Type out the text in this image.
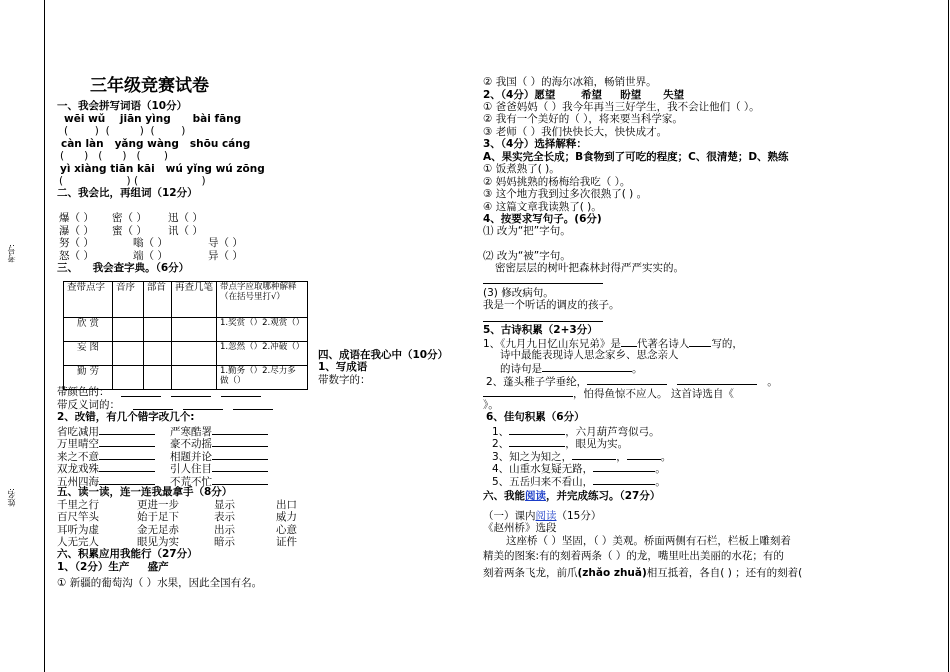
考号:
姓名:
三年级竞赛试卷
一、我会拼写词语（10分）
wēi wǔ    jiān yìng      bài fāng
(        )  (         )  (        )
càn làn   yǎng wàng   shōu cáng
(      )   (      )   (       )
yì xiàng tiān kāi   wú yǐng wú zōng
(                   ) (                   )
二、我会比，再组词（12分）
爆（ ） 密（ ） 迅（ ）
瀑（ ） 蜜（ ） 讯（ ）
努（ ）	嗡（ ）	导（ ）
怒（ ）	端（ ）	异（ ）
三、    我会查字典。（6分）
查带点字	音序	部首	再查几笔	带点字应取哪种解释（在括号里打√）
欣 赏				1.奖赏（）2.观赏（）
妄 图				1.忽然（）2.冲破（）
勤 劳				1.勤务（）2.尽力多做（）
带颜色的：

带反义词的：

2、改错，有几个错字改几个:
省吃减用	严寒酷署
万里晴空	豪不动摇
来之不意	相题并论
双龙戏殊	引人住目
五州四海	不荒不忙
五、读一读，连一连我最拿手（8分）
千里之行	更进一步	显示	出口
百尺竿头	始于足下	表示	威力
耳听为虚	金无足赤	出示	心意
人无完人	眼见为实	暗示	证件
六、积累应用我能行（27分）
1、（2分）生产     盛产
① 新疆的葡萄沟（ ）水果，因此全国有名。
四、成语在我心中（10分）
1、写成语
带数字的：
② 我国（ ）的海尔冰箱，畅销世界。
2、（4分）愿望       希望     盼望      失望
① 爸爸妈妈（ ）我今年再当三好学生，我不会让他们（ ）。
② 我有一个美好的（ ），将来要当科学家。
③ 老师（ ）我们快快长大，快快成才。
3、（4分）选择解释：
A、果实完全长成；B食物到了可吃的程度；C、很清楚；D、熟练
① 饭煮熟了( )。
② 妈妈挑熟的杨梅给我吃（ ）。
③ 这个地方我到过多次很熟了( ) 。
④ 这篇文章我读熟了( )。
4、按要求写句子。(6分)
⑴ 改为“把”字句。
⑵ 改为“被”字句。
密密层层的树叶把森林封得严严实实的。
(3) 修改病句。
我是一个听话的调皮的孩子。
5、古诗积累（2+3分）
1、《九月九日忆山东兄弟》是 代著名诗人 写的，
诗中最能表现诗人思念家乡、思念亲人
的诗句是	。
2、蓬头稚子学垂纶，	。
，怕得鱼惊不应人。 这首诗选自《
》。
6、佳句积累（6分）
1、	，六月葫芦弯似弓。
2、	，眼见为实。
3、知之为知之，	，	。
4、山重水复疑无路，	。
5、五岳归来不看山，	。
六、我能阅读，并完成练习。（27分）
（一）课内阅读（15分）
《赵州桥》选段
这座桥（ ）坚固，（ ）美观。桥面两侧有石栏，栏板上雕刻着
精美的图案:有的刻着两条（ ）的龙，嘴里吐出美丽的水花；有的
刻着两条飞龙，前爪(zhǎo zhuǎ)相互抵着，各自( ) ；还有的刻着(
